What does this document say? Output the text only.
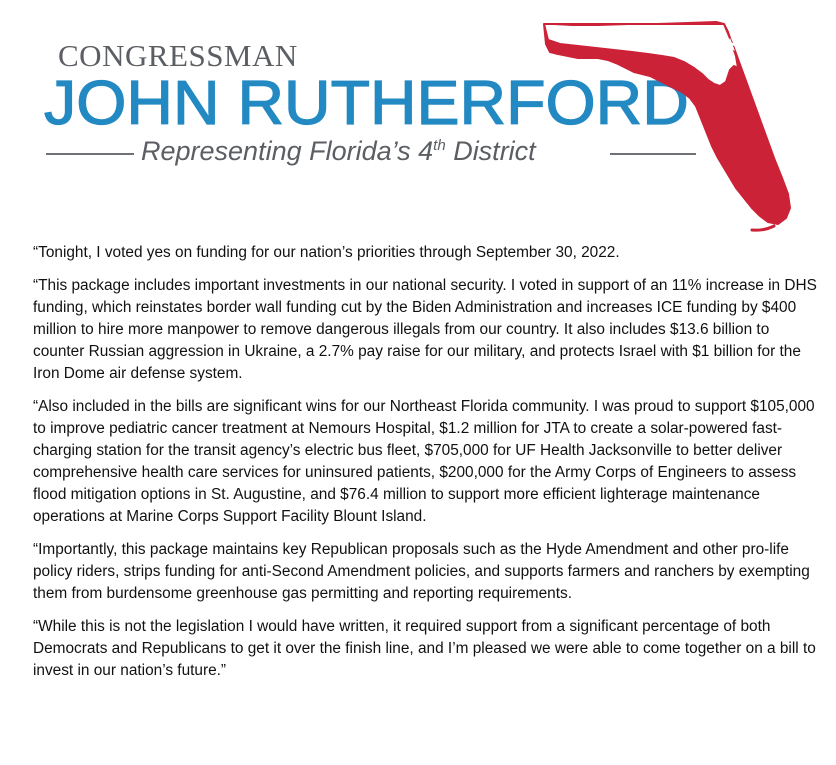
CONGRESSMAN
JOHN RUTHERFORD
Representing Florida’s 4th District

“Tonight, I voted yes on funding for our nation’s priorities through September 30, 2022.

“This package includes important investments in our national security. I voted in support of an 11% increase in DHS funding, which reinstates border wall funding cut by the Biden Administration and increases ICE funding by $400 million to hire more manpower to remove dangerous illegals from our country. It also includes $13.6 billion to counter Russian aggression in Ukraine, a 2.7% pay raise for our military, and protects Israel with $1 billion for the Iron Dome air defense system.

“Also included in the bills are significant wins for our Northeast Florida community. I was proud to support $105,000 to improve pediatric cancer treatment at Nemours Hospital, $1.2 million for JTA to create a solar-powered fast-charging station for the transit agency’s electric bus fleet, $705,000 for UF Health Jacksonville to better deliver comprehensive health care services for uninsured patients, $200,000 for the Army Corps of Engineers to assess flood mitigation options in St. Augustine, and $76.4 million to support more efficient lighterage maintenance operations at Marine Corps Support Facility Blount Island.

“Importantly, this package maintains key Republican proposals such as the Hyde Amendment and other pro-life policy riders, strips funding for anti-Second Amendment policies, and supports farmers and ranchers by exempting them from burdensome greenhouse gas permitting and reporting requirements.

“While this is not the legislation I would have written, it required support from a significant percentage of both Democrats and Republicans to get it over the finish line, and I’m pleased we were able to come together on a bill to invest in our nation’s future.”
